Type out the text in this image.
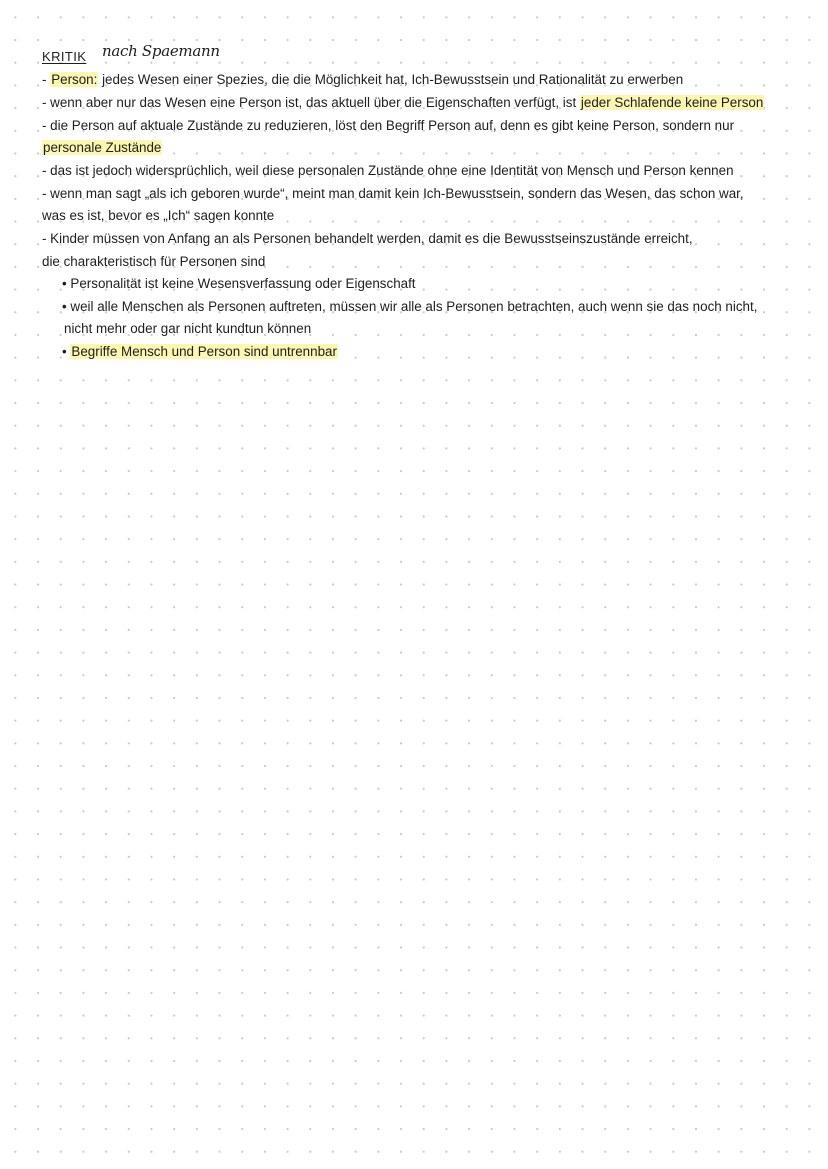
KRITIK nach Spaemann
- Person: jedes Wesen einer Spezies, die die Möglichkeit hat, Ich-Bewusstsein und Rationalität zu erwerben
- wenn aber nur das Wesen eine Person ist, das aktuell über die Eigenschaften verfügt, ist jeder Schlafende keine Person
- die Person auf aktuale Zustände zu reduzieren, löst den Begriff Person auf, denn es gibt keine Person, sondern nur
personale Zustände
- das ist jedoch widersprüchlich, weil diese personalen Zustände ohne eine Identität von Mensch und Person kennen
- wenn man sagt „als ich geboren wurde“, meint man damit kein Ich-Bewusstsein, sondern das Wesen, das schon war,
was es ist, bevor es „Ich“ sagen konnte
- Kinder müssen von Anfang an als Personen behandelt werden, damit es die Bewusstseinszustände erreicht,
die charakteristisch für Personen sind
• Personalität ist keine Wesensverfassung oder Eigenschaft
• weil alle Menschen als Personen auftreten, müssen wir alle als Personen betrachten, auch wenn sie das noch nicht,
nicht mehr oder gar nicht kundtun können
• Begriffe Mensch und Person sind untrennbar
